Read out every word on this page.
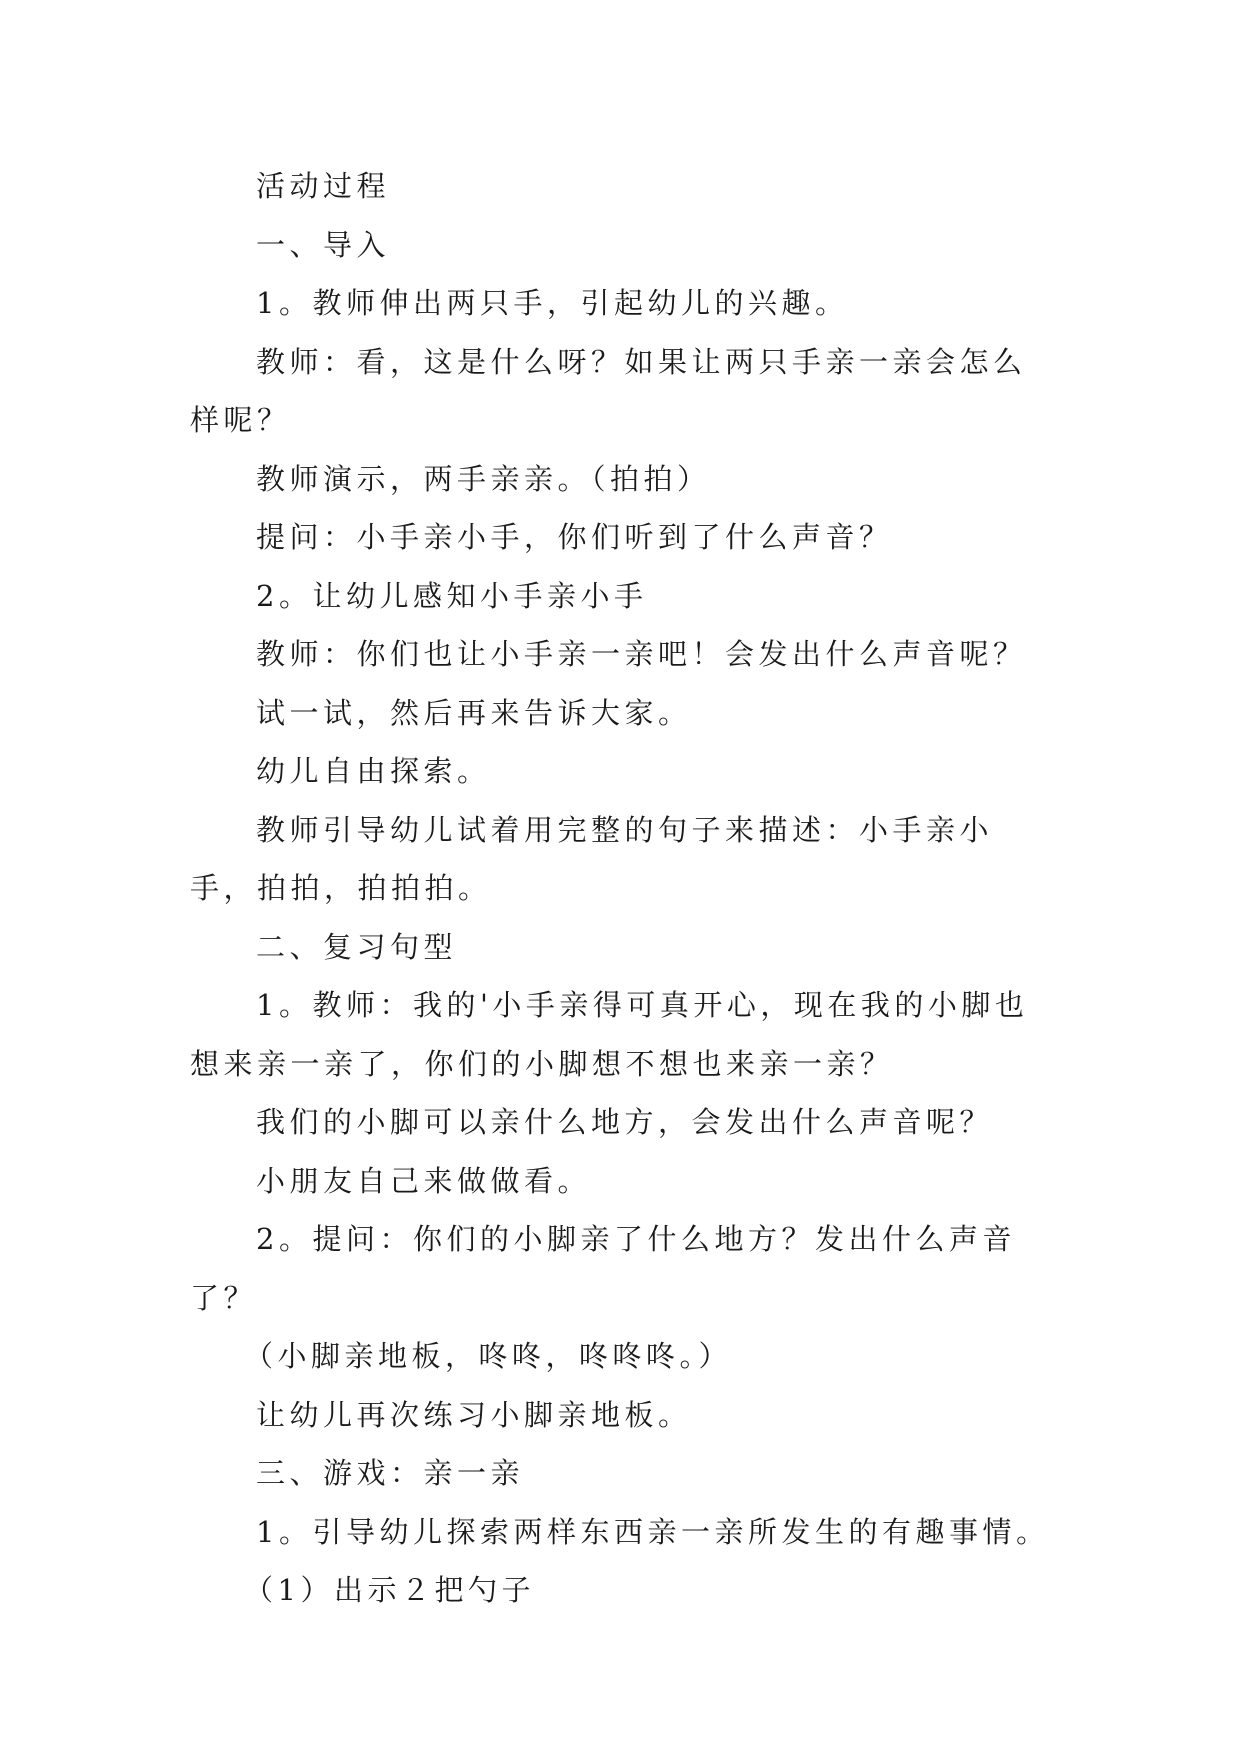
活动过程

一、导入

1。教师伸出两只手，引起幼儿的兴趣。

教师：看，这是什么呀？如果让两只手亲一亲会怎么样呢？

教师演示，两手亲亲。（拍拍）

提问：小手亲小手，你们听到了什么声音？

2。让幼儿感知小手亲小手

教师：你们也让小手亲一亲吧！会发出什么声音呢？

试一试，然后再来告诉大家。

幼儿自由探索。

教师引导幼儿试着用完整的句子来描述：小手亲小手，拍拍，拍拍拍。

二、复习句型

1。教师：我的'小手亲得可真开心，现在我的小脚也想来亲一亲了，你们的小脚想不想也来亲一亲？

我们的小脚可以亲什么地方，会发出什么声音呢？

小朋友自己来做做看。

2。提问：你们的小脚亲了什么地方？发出什么声音了？

（小脚亲地板，咚咚，咚咚咚。）

让幼儿再次练习小脚亲地板。

三、游戏：亲一亲

1。引导幼儿探索两样东西亲一亲所发生的有趣事情。

（1）出示２把勺子
